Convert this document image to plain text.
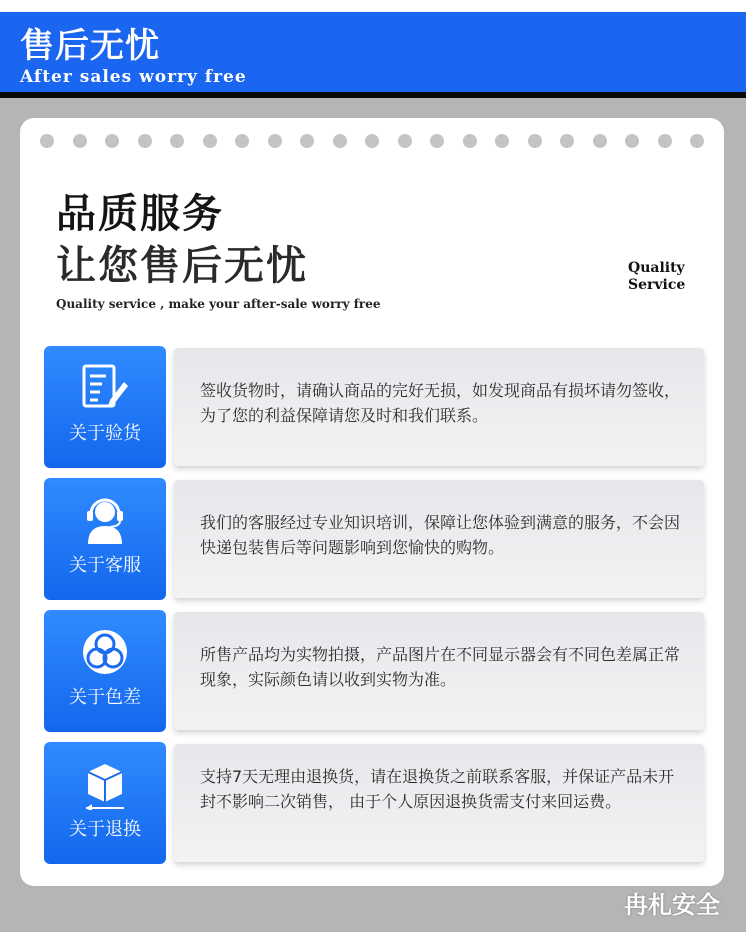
售后无忧
After sales worry free
品质服务
让您售后无忧
Quality service , make your after-sale worry free
Quality
Service
关于验货
签收货物时，请确认商品的完好无损，如发现商品有损坏请勿签收，为了您的利益保障请您及时和我们联系。
关于客服
我们的客服经过专业知识培训，保障让您体验到满意的服务，不会因快递包装售后等问题影响到您愉快的购物。
关于色差
所售产品均为实物拍摄，产品图片在不同显示器会有不同色差属正常现象，实际颜色请以收到实物为准。
关于退换
支持7天无理由退换货，请在退换货之前联系客服，并保证产品未开封不影响二次销售， 由于个人原因退换货需支付来回运费。
冉札安全
